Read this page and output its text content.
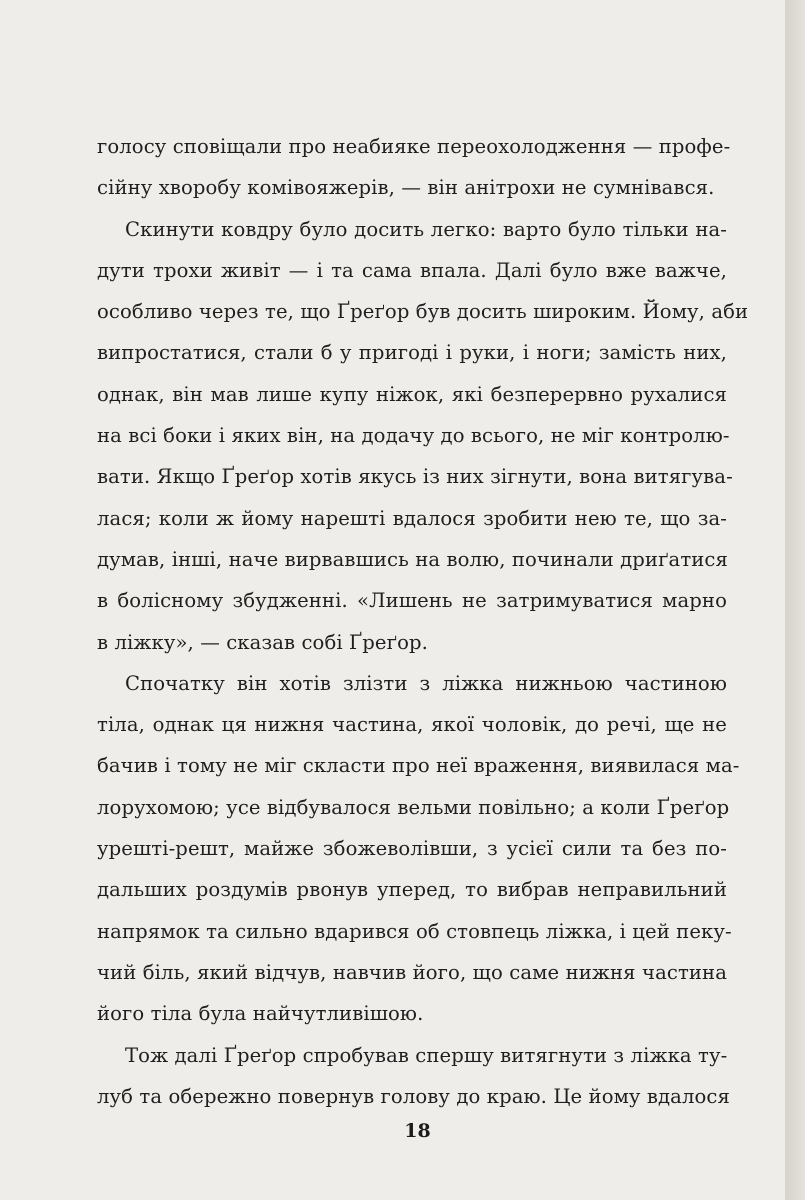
голосу сповіщали про неабияке переохолодження — профе-
сійну хворобу комівояжерів, — він анітрохи не сумнівався.
Скинути ковдру було досить легко: варто було тільки на-
дути трохи живіт — і та сама впала. Далі було вже важче,
особливо через те, що Ґреґор був досить широким. Йому, аби
випростатися, стали б у пригоді і руки, і ноги; замість них,
однак, він мав лише купу ніжок, які безперервно рухалися
на всі боки і яких він, на додачу до всього, не міг контролю-
вати. Якщо Ґреґор хотів якусь із них зігнути, вона витягува-
лася; коли ж йому нарешті вдалося зробити нею те, що за-
думав, інші, наче вирвавшись на волю, починали дриґатися
в болісному збудженні. «Лишень не затримуватися марно
в ліжку», — сказав собі Ґреґор.
Спочатку він хотів злізти з ліжка нижньою частиною
тіла, однак ця нижня частина, якої чоловік, до речі, ще не
бачив і тому не міг скласти про неї враження, виявилася ма-
лорухомою; усе відбувалося вельми повільно; а коли Ґреґор
урешті-решт, майже збожеволівши, з усієї сили та без по-
дальших роздумів рвонув уперед, то вибрав неправильний
напрямок та сильно вдарився об стовпець ліжка, і цей пеку-
чий біль, який відчув, навчив його, що саме нижня частина
його тіла була найчутливішою.
Тож далі Ґреґор спробував спершу витягнути з ліжка ту-
луб та обережно повернув голову до краю. Це йому вдалося
18
